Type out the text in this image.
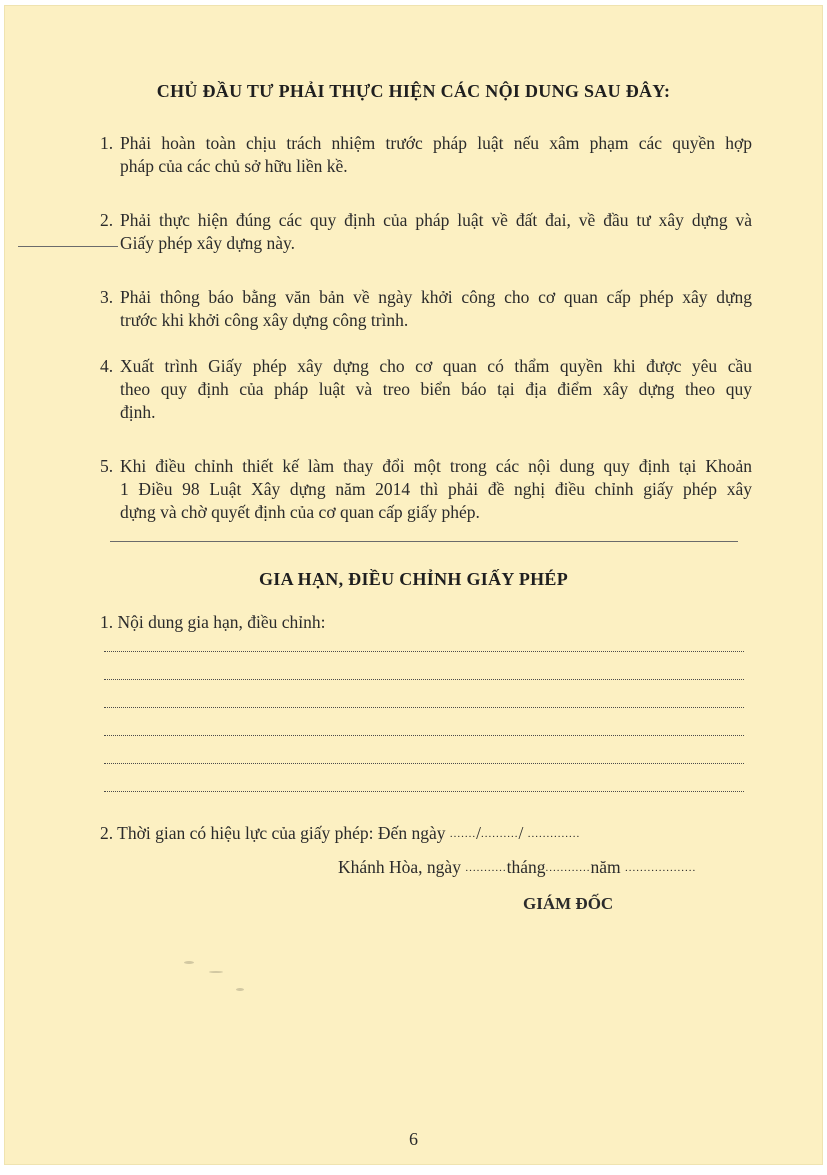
CHỦ ĐẦU TƯ PHẢI THỰC HIỆN CÁC NỘI DUNG SAU ĐÂY:
1. Phải hoàn toàn chịu trách nhiệm trước pháp luật nếu xâm phạm các quyền hợp
pháp của các chủ sở hữu liền kề.
2. Phải thực hiện đúng các quy định của pháp luật về đất đai, về đầu tư xây dựng và
Giấy phép xây dựng này.
3. Phải thông báo bằng văn bản về ngày khởi công cho cơ quan cấp phép xây dựng
trước khi khởi công xây dựng công trình.
4. Xuất trình Giấy phép xây dựng cho cơ quan có thẩm quyền khi được yêu cầu
theo quy định của pháp luật và treo biển báo tại địa điểm xây dựng theo quy
định.
5. Khi điều chỉnh thiết kế làm thay đổi một trong các nội dung quy định tại Khoản
1 Điều 98 Luật Xây dựng năm 2014 thì phải đề nghị điều chỉnh giấy phép xây
dựng và chờ quyết định của cơ quan cấp giấy phép.
GIA HẠN, ĐIỀU CHỈNH GIẤY PHÉP
1. Nội dung gia hạn, điều chỉnh:
2. Thời gian có hiệu lực của giấy phép: Đến ngày ......./........../ ..............
Khánh Hòa, ngày ...........tháng............năm ...................
GIÁM ĐỐC
6
